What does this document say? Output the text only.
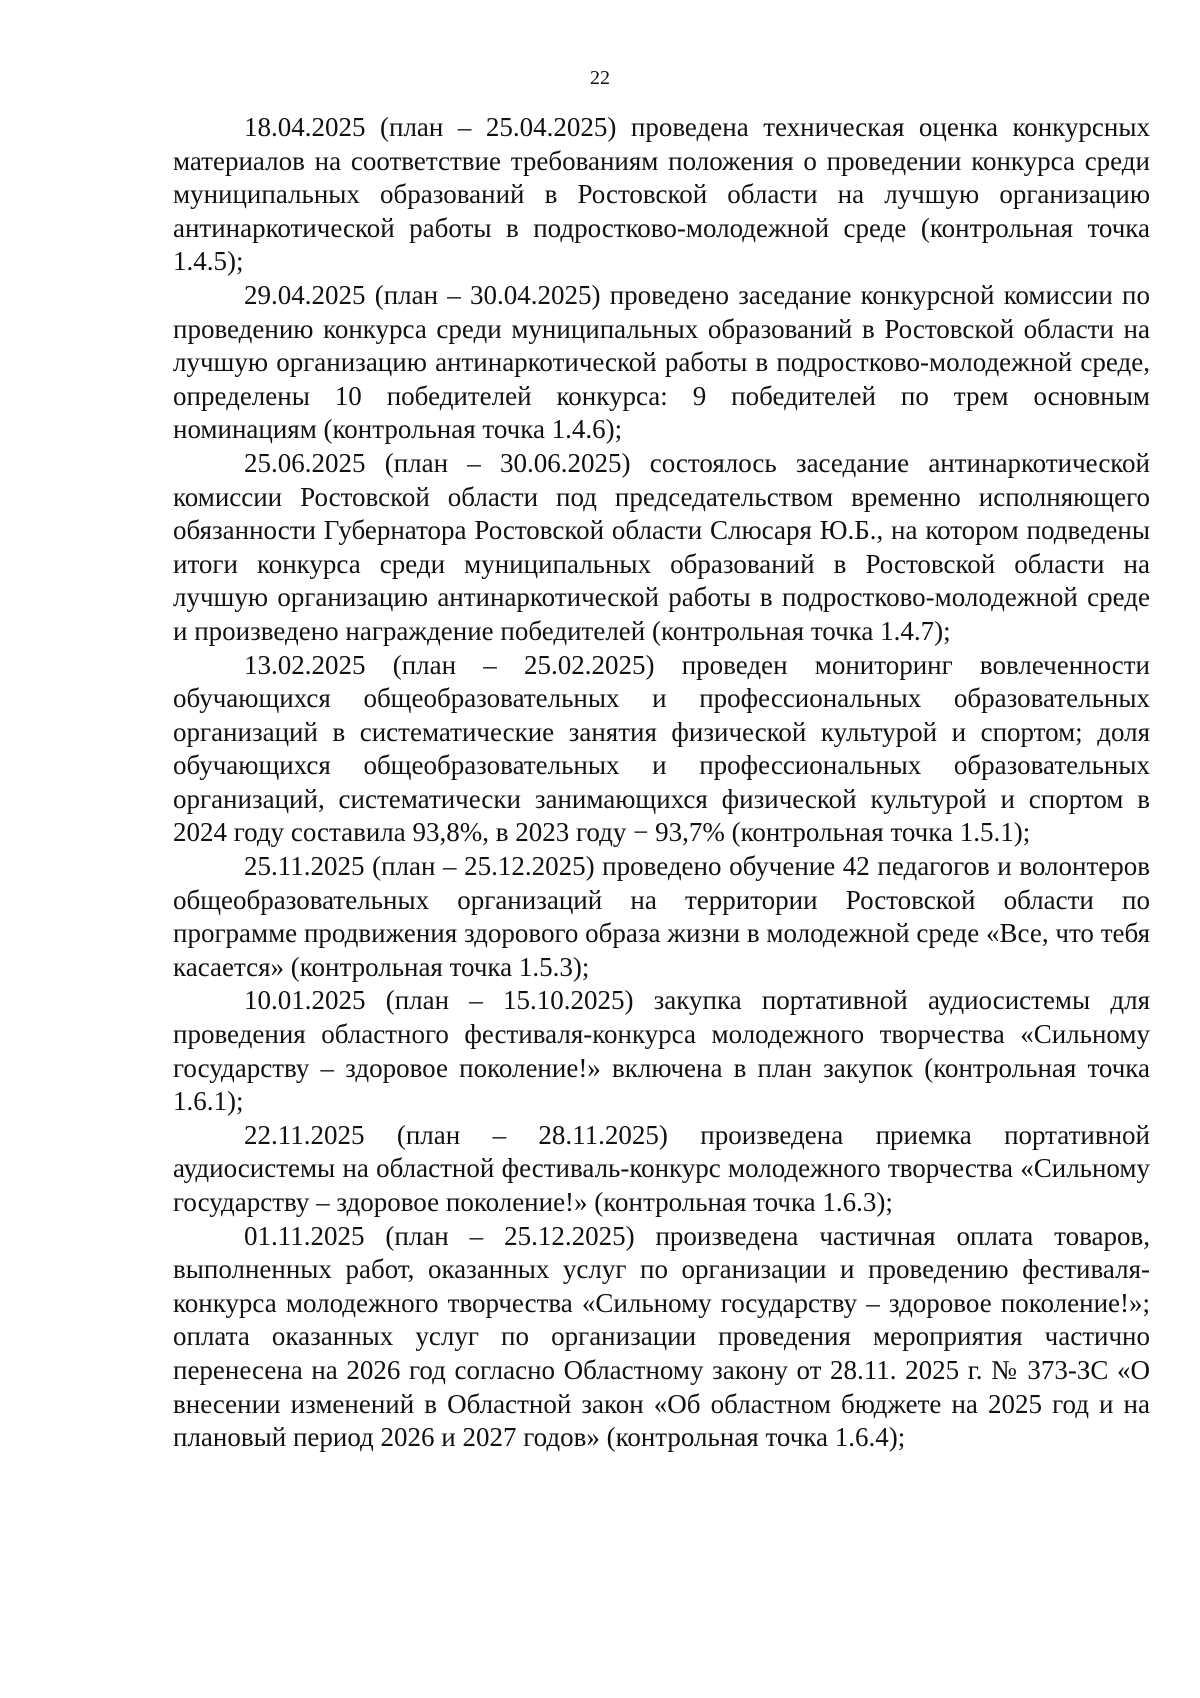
22

18.04.2025 (план – 25.04.2025) проведена техническая оценка конкурсных материалов на соответствие требованиям положения о проведении конкурса среди муниципальных образований в Ростовской области на лучшую организацию антинаркотической работы в подростково-молодежной среде (контрольная точка 1.4.5);

29.04.2025 (план – 30.04.2025) проведено заседание конкурсной комиссии по проведению конкурса среди муниципальных образований в Ростовской области на лучшую организацию антинаркотической работы в подростково-молодежной среде, определены 10 победителей конкурса: 9 победителей по трем основным номинациям (контрольная точка 1.4.6);

25.06.2025 (план – 30.06.2025) состоялось заседание антинаркотической комиссии Ростовской области под председательством временно исполняющего обязанности Губернатора Ростовской области Слюсаря Ю.Б., на котором подведены итоги конкурса среди муниципальных образований в Ростовской области на лучшую организацию антинаркотической работы в подростково-молодежной среде и произведено награждение победителей (контрольная точка 1.4.7);

13.02.2025 (план – 25.02.2025) проведен мониторинг вовлеченности обучающихся общеобразовательных и профессиональных образовательных организаций в систематические занятия физической культурой и спортом; доля обучающихся общеобразовательных и профессиональных образовательных организаций, систематически занимающихся физической культурой и спортом в 2024 году составила 93,8%, в 2023 году − 93,7% (контрольная точка 1.5.1);

25.11.2025 (план – 25.12.2025) проведено обучение 42 педагогов и волонтеров общеобразовательных организаций на территории Ростовской области по программе продвижения здорового образа жизни в молодежной среде «Все, что тебя касается» (контрольная точка 1.5.3);

10.01.2025 (план – 15.10.2025) закупка портативной аудиосистемы для проведения областного фестиваля-конкурса молодежного творчества «Сильному государству – здоровое поколение!» включена в план закупок (контрольная точка 1.6.1);

22.11.2025 (план – 28.11.2025) произведена приемка портативной аудиосистемы на областной фестиваль-конкурс молодежного творчества «Сильному государству – здоровое поколение!» (контрольная точка 1.6.3);

01.11.2025 (план – 25.12.2025) произведена частичная оплата товаров, выполненных работ, оказанных услуг по организации и проведению фестиваля-конкурса молодежного творчества «Сильному государству – здоровое поколение!»; оплата оказанных услуг по организации проведения мероприятия частично перенесена на 2026 год согласно Областному закону от 28.11. 2025 г. № 373-ЗС «О внесении изменений в Областной закон «Об областном бюджете на 2025 год и на плановый период 2026 и 2027 годов» (контрольная точка 1.6.4);
